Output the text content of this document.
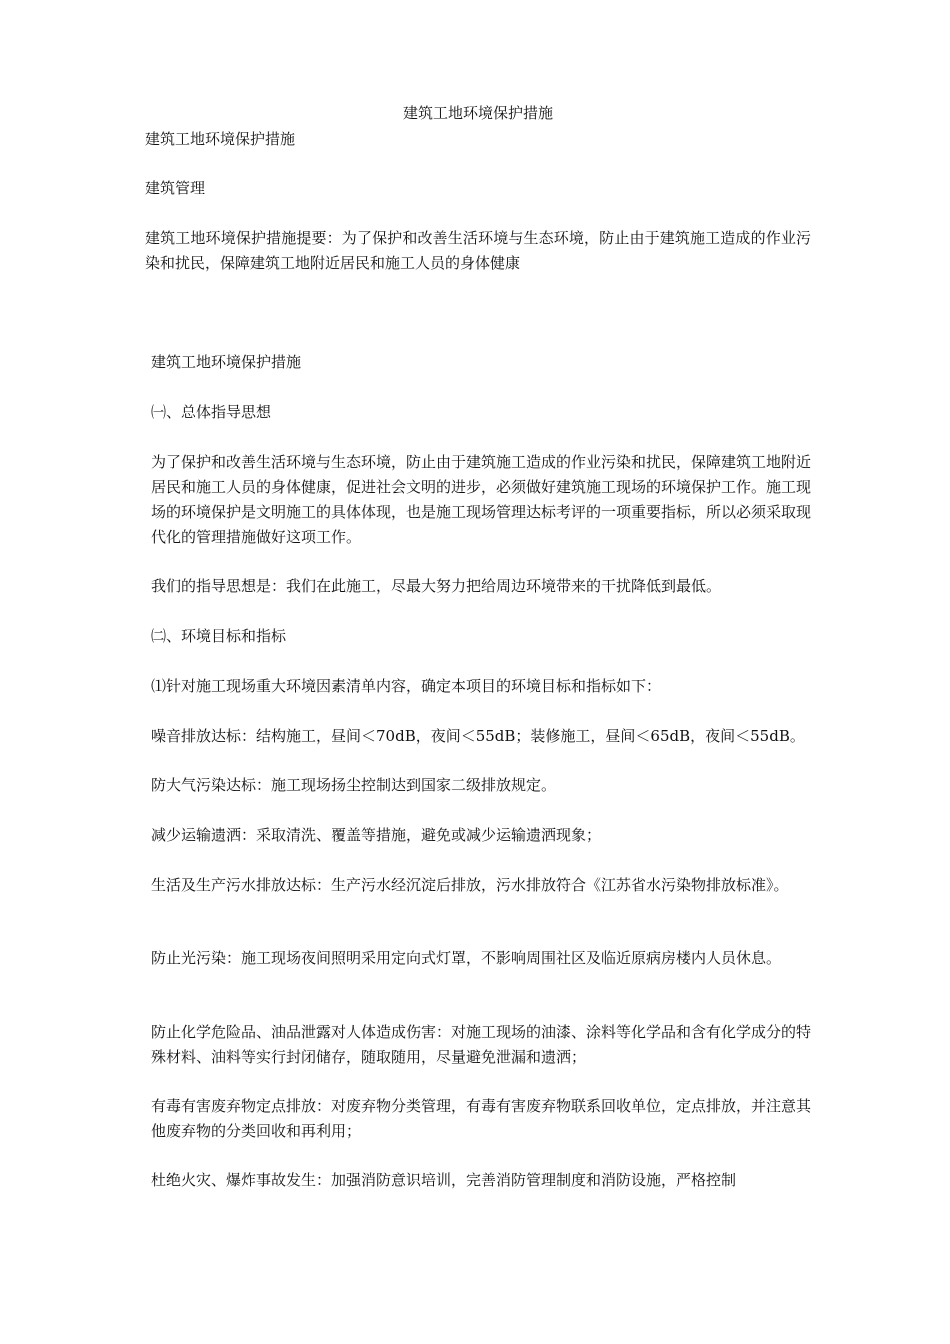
建筑工地环境保护措施

建筑工地环境保护措施

建筑管理

建筑工地环境保护措施提要：为了保护和改善生活环境与生态环境，防止由于建筑施工造成的作业污染和扰民，保障建筑工地附近居民和施工人员的身体健康

建筑工地环境保护措施

㈠、总体指导思想

为了保护和改善生活环境与生态环境，防止由于建筑施工造成的作业污染和扰民，保障建筑工地附近居民和施工人员的身体健康，促进社会文明的进步，必须做好建筑施工现场的环境保护工作。施工现场的环境保护是文明施工的具体体现，也是施工现场管理达标考评的一项重要指标，所以必须采取现代化的管理措施做好这项工作。

我们的指导思想是：我们在此施工，尽最大努力把给周边环境带来的干扰降低到最低。

㈡、环境目标和指标

⑴针对施工现场重大环境因素清单内容，确定本项目的环境目标和指标如下：

噪音排放达标：结构施工，昼间＜70dB，夜间＜55dB；装修施工，昼间＜65dB，夜间＜55dB。

防大气污染达标：施工现场扬尘控制达到国家二级排放规定。

减少运输遗洒：采取清洗、覆盖等措施，避免或减少运输遗洒现象；

生活及生产污水排放达标：生产污水经沉淀后排放，污水排放符合《江苏省水污染物排放标准》。

防止光污染：施工现场夜间照明采用定向式灯罩，不影响周围社区及临近原病房楼内人员休息。

防止化学危险品、油品泄露对人体造成伤害：对施工现场的油漆、涂料等化学品和含有化学成分的特殊材料、油料等实行封闭储存，随取随用，尽量避免泄漏和遗洒；

有毒有害废弃物定点排放：对废弃物分类管理，有毒有害废弃物联系回收单位，定点排放，并注意其他废弃物的分类回收和再利用；

杜绝火灾、爆炸事故发生：加强消防意识培训，完善消防管理制度和消防设施，严格控制
